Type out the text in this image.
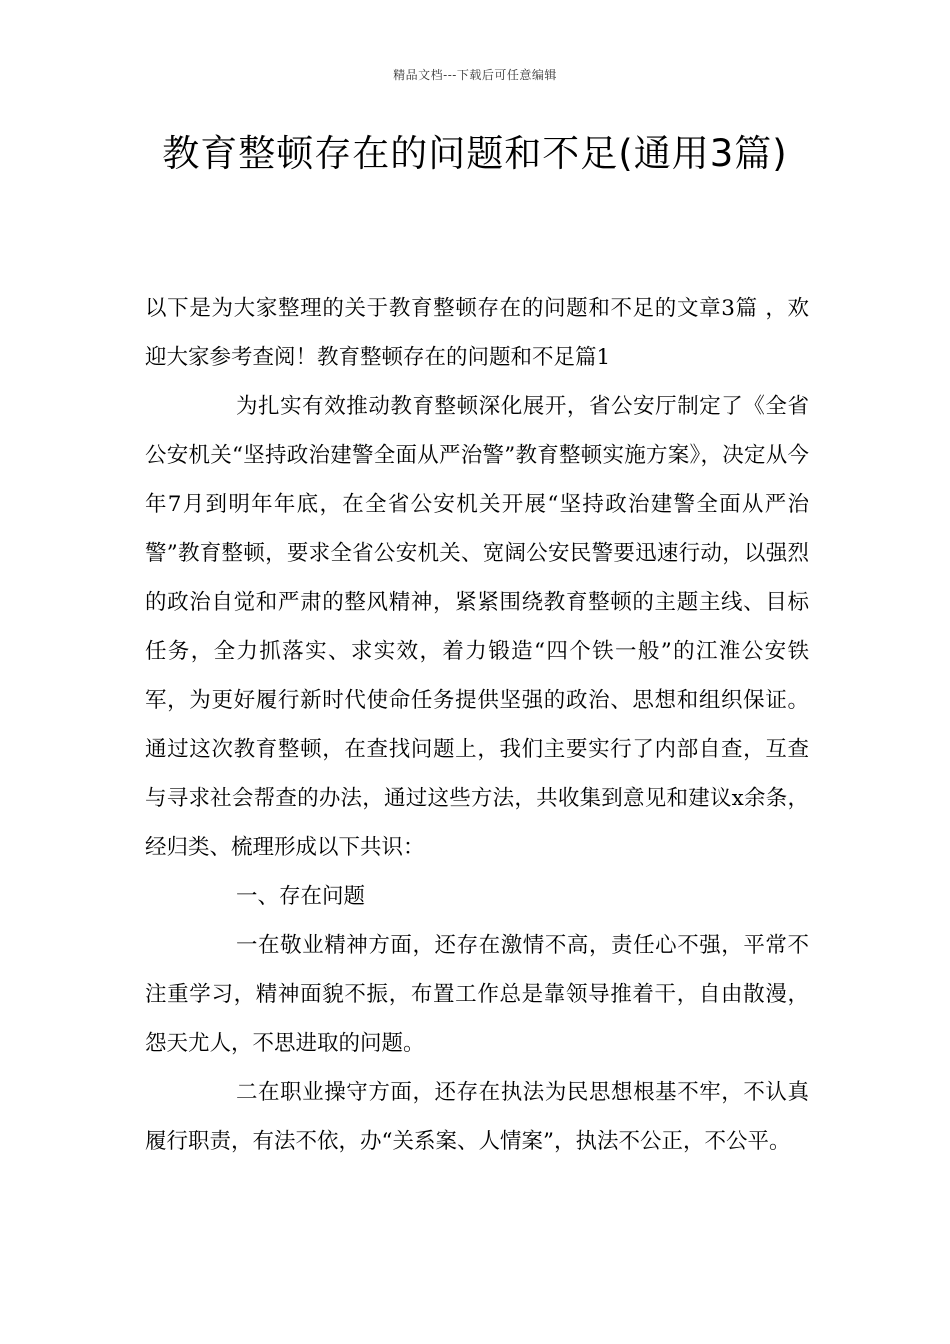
精品文档---下载后可任意编辑
教育整顿存在的问题和不足(通用3篇)

以下是为大家整理的关于教育整顿存在的问题和不足的文章3篇 ，欢迎大家参考查阅！教育整顿存在的问题和不足篇1

为扎实有效推动教育整顿深化展开，省公安厅制定了《全省公安机关“坚持政治建警全面从严治警”教育整顿实施方案》，决定从今年7月到明年年底，在全省公安机关开展“坚持政治建警全面从严治警”教育整顿，要求全省公安机关、宽阔公安民警要迅速行动，以强烈的政治自觉和严肃的整风精神，紧紧围绕教育整顿的主题主线、目标任务，全力抓落实、求实效，着力锻造“四个铁一般”的江淮公安铁军，为更好履行新时代使命任务提供坚强的政治、思想和组织保证。通过这次教育整顿，在查找问题上，我们主要实行了内部自查，互查与寻求社会帮查的办法，通过这些方法，共收集到意见和建议x余条，经归类、梳理形成以下共识：

一、存在问题

一在敬业精神方面，还存在激情不高，责任心不强，平常不注重学习，精神面貌不振，布置工作总是靠领导推着干，自由散漫，怨天尤人，不思进取的问题。

二在职业操守方面，还存在执法为民思想根基不牢，不认真履行职责，有法不依，办“关系案、人情案”，执法不公正，不公平。
